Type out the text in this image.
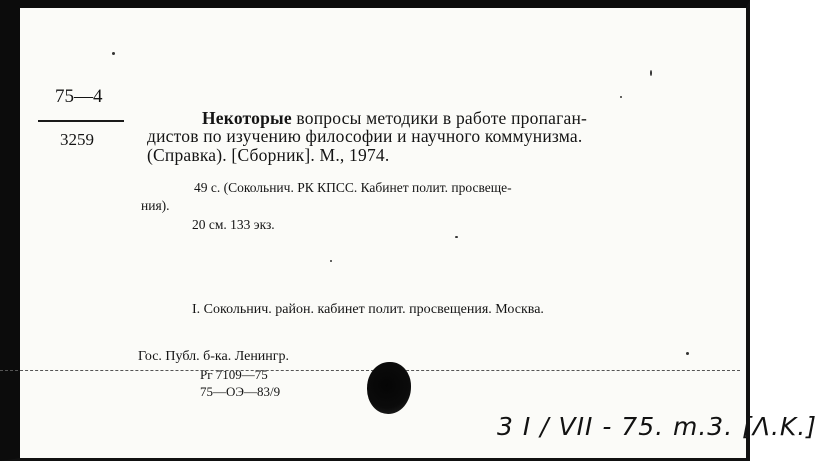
75—4
3259
Некоторые вопросы методики в работе пропаган-
дистов по изучению философии и научного коммунизма.
(Справка). [Сборник]. М., 1974.
49 с. (Сокольнич. РК КПСС. Кабинет полит. просвеще-
ния).
20 см. 133 экз.
I. Сокольнич. район. кабинет полит. просвещения. Москва.
Гос. Публ. б-ка. Ленингр.
Рг 7109—75
75—ОЭ—83/9
3 I / VII - 75. m.3. [Λ.Κ.]
